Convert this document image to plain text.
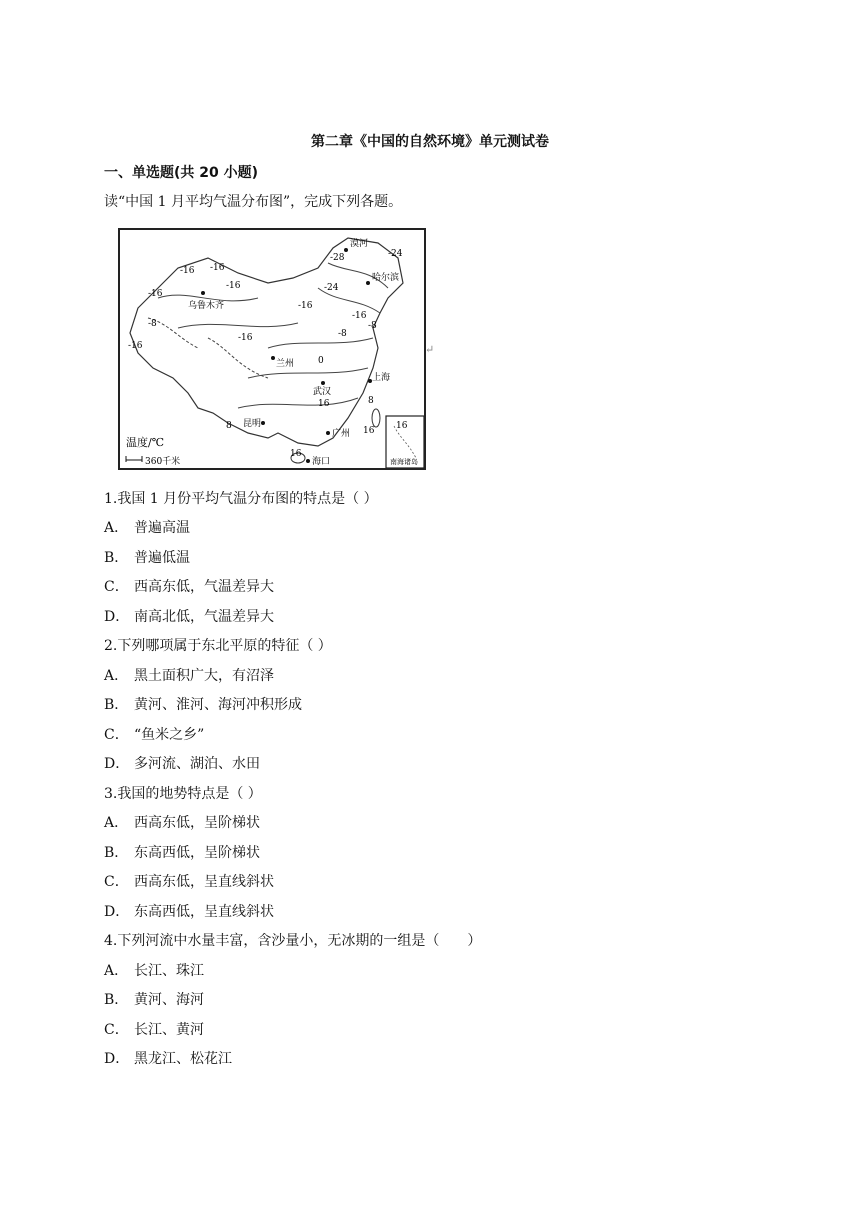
第二章《中国的自然环境》单元测试卷
一、单选题(共 20 小题)
读“中国 1 月平均气温分布图”，完成下列各题。
漠河
哈尔滨
乌鲁木齐
上海
武汉
昆明
海口
广州
兰州
-28	-24
-24
-16 -16
-16
-16
-16
-16
-8
-8
-8
-16
-16
0
8
8	16
16
16
16
温度/℃
360千米	南海诸岛
↵
1.我国 1 月份平均气温分布图的特点是（ ）
A． 普遍高温
B． 普遍低温
C． 西高东低，气温差异大
D． 南高北低，气温差异大
2.下列哪项属于东北平原的特征（ ）
A． 黑土面积广大，有沼泽
B． 黄河、淮河、海河冲积形成
C． “鱼米之乡”
D． 多河流、湖泊、水田
3.我国的地势特点是（ ）
A． 西高东低，呈阶梯状
B． 东高西低，呈阶梯状
C． 西高东低，呈直线斜状
D． 东高西低，呈直线斜状
4.下列河流中水量丰富，含沙量小，无冰期的一组是（　　）
A． 长江、珠江
B． 黄河、海河
C． 长江、黄河
D． 黑龙江、松花江
